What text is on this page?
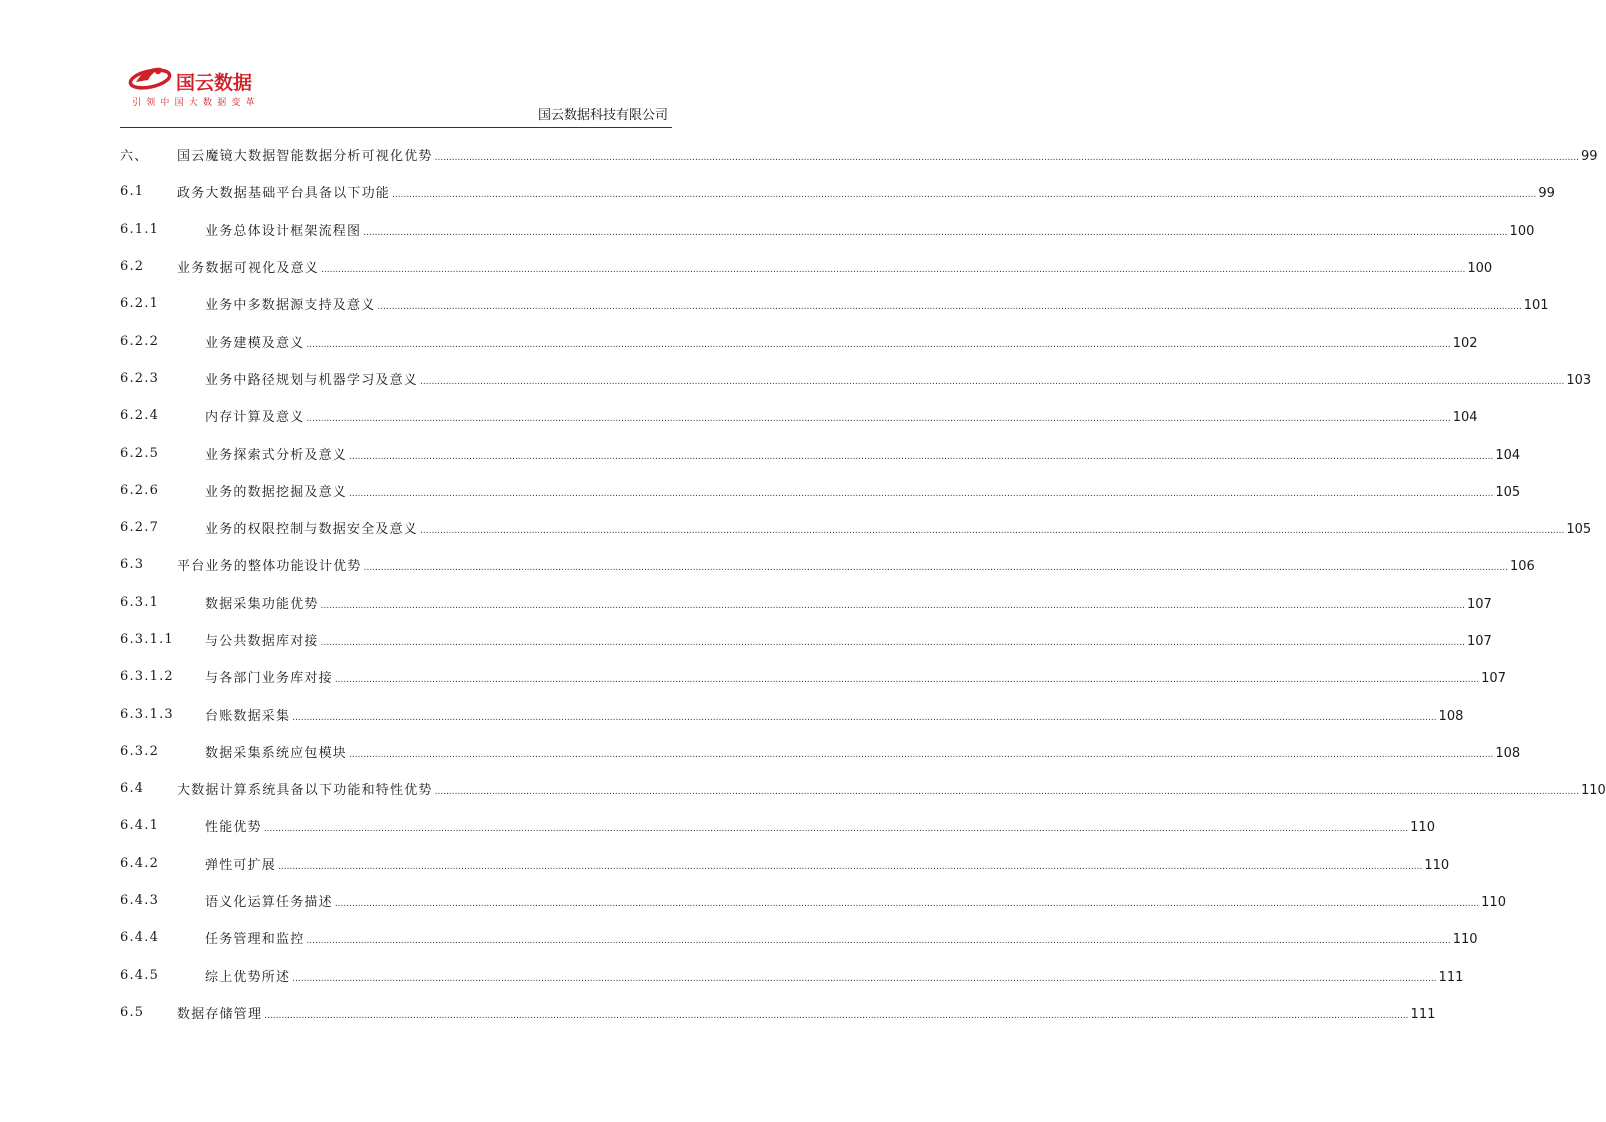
国云数据
引领中国大数据变革
国云数据科技有限公司
六、 国云魔镜大数据智能数据分析可视化优势 ................................................................................................................................................................................................................................................................................................................................................................................................................ 99
6.1	政务大数据基础平台具备以下功能 ................................................................................................................................................................................................................................................................................................................................................................................................................ 99
6.1.1	业务总体设计框架流程图 ................................................................................................................................................................................................................................................................................................................................................................................................................ 100
6.2	业务数据可视化及意义 ................................................................................................................................................................................................................................................................................................................................................................................................................ 100
6.2.1	业务中多数据源支持及意义 ................................................................................................................................................................................................................................................................................................................................................................................................................ 101
6.2.2	业务建模及意义 ................................................................................................................................................................................................................................................................................................................................................................................................................ 102
6.2.3	业务中路径规划与机器学习及意义 ................................................................................................................................................................................................................................................................................................................................................................................................................ 103
6.2.4	内存计算及意义 ................................................................................................................................................................................................................................................................................................................................................................................................................ 104
6.2.5	业务探索式分析及意义 ................................................................................................................................................................................................................................................................................................................................................................................................................ 104
6.2.6	业务的数据挖掘及意义 ................................................................................................................................................................................................................................................................................................................................................................................................................ 105
6.2.7	业务的权限控制与数据安全及意义 ................................................................................................................................................................................................................................................................................................................................................................................................................ 105
6.3	平台业务的整体功能设计优势 ................................................................................................................................................................................................................................................................................................................................................................................................................ 106
6.3.1	数据采集功能优势 ................................................................................................................................................................................................................................................................................................................................................................................................................ 107
6.3.1.1 与公共数据库对接 ................................................................................................................................................................................................................................................................................................................................................................................................................ 107
6.3.1.2 与各部门业务库对接 ................................................................................................................................................................................................................................................................................................................................................................................................................ 107
6.3.1.3 台账数据采集 ................................................................................................................................................................................................................................................................................................................................................................................................................ 108
6.3.2	数据采集系统应包模块 ................................................................................................................................................................................................................................................................................................................................................................................................................ 108
6.4	大数据计算系统具备以下功能和特性优势 ................................................................................................................................................................................................................................................................................................................................................................................................................ 110
6.4.1	性能优势 ................................................................................................................................................................................................................................................................................................................................................................................................................ 110
6.4.2	弹性可扩展 ................................................................................................................................................................................................................................................................................................................................................................................................................ 110
6.4.3	语义化运算任务描述 ................................................................................................................................................................................................................................................................................................................................................................................................................ 110
6.4.4	任务管理和监控 ................................................................................................................................................................................................................................................................................................................................................................................................................ 110
6.4.5	综上优势所述 ................................................................................................................................................................................................................................................................................................................................................................................................................ 111
6.5	数据存储管理 ................................................................................................................................................................................................................................................................................................................................................................................................................ 111
